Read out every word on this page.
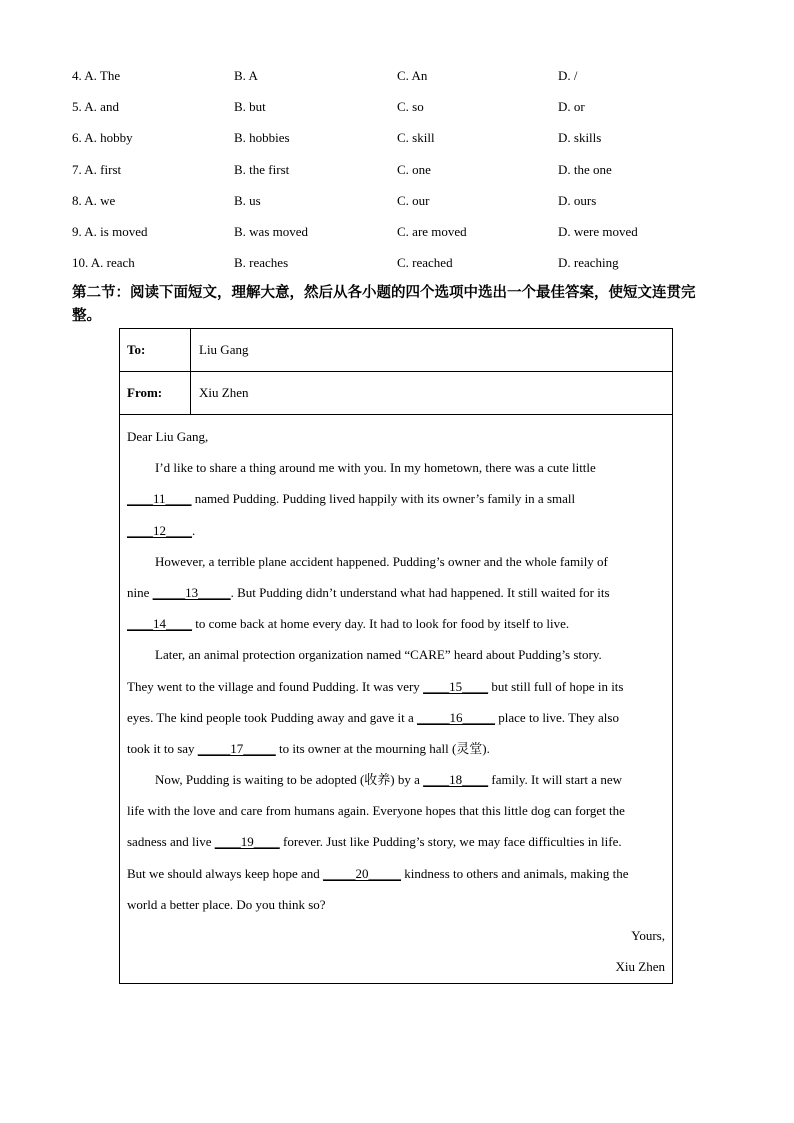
4. A. The	B. A	C. An	D. /
5. A. and	B. but	C. so	D. or
6. A. hobby	B. hobbies	C. skill	D. skills
7. A. first	B. the first	C. one	D. the one
8. A. we	B. us	C. our	D. ours
9. A. is moved	B. was moved	C. are moved	D. were moved
10. A. reach	B. reaches	C. reached	D. reaching
第二节：阅读下面短文，理解大意，然后从各小题的四个选项中选出一个最佳答案，使短文连贯完整。
To:	Liu Gang
From:	Xiu Zhen
Dear Liu Gang,
I’d like to share a thing around me with you. In my hometown, there was a cute little
____11____ named Pudding. Pudding lived happily with its owner’s family in a small
____12____.
However, a terrible plane accident happened. Pudding’s owner and the whole family of
nine _____13_____. But Pudding didn’t understand what had happened. It still waited for its
____14____ to come back at home every day. It had to look for food by itself to live.
Later, an animal protection organization named “CARE” heard about Pudding’s story.
They went to the village and found Pudding. It was very ____15____ but still full of hope in its
eyes. The kind people took Pudding away and gave it a _____16_____ place to live. They also
took it to say _____17_____ to its owner at the mourning hall (灵堂).
Now, Pudding is waiting to be adopted (收养) by a ____18____ family. It will start a new
life with the love and care from humans again. Everyone hopes that this little dog can forget the
sadness and live ____19____ forever. Just like Pudding’s story, we may face difficulties in life.
But we should always keep hope and _____20_____ kindness to others and animals, making the
world a better place. Do you think so?
Yours,
Xiu Zhen
